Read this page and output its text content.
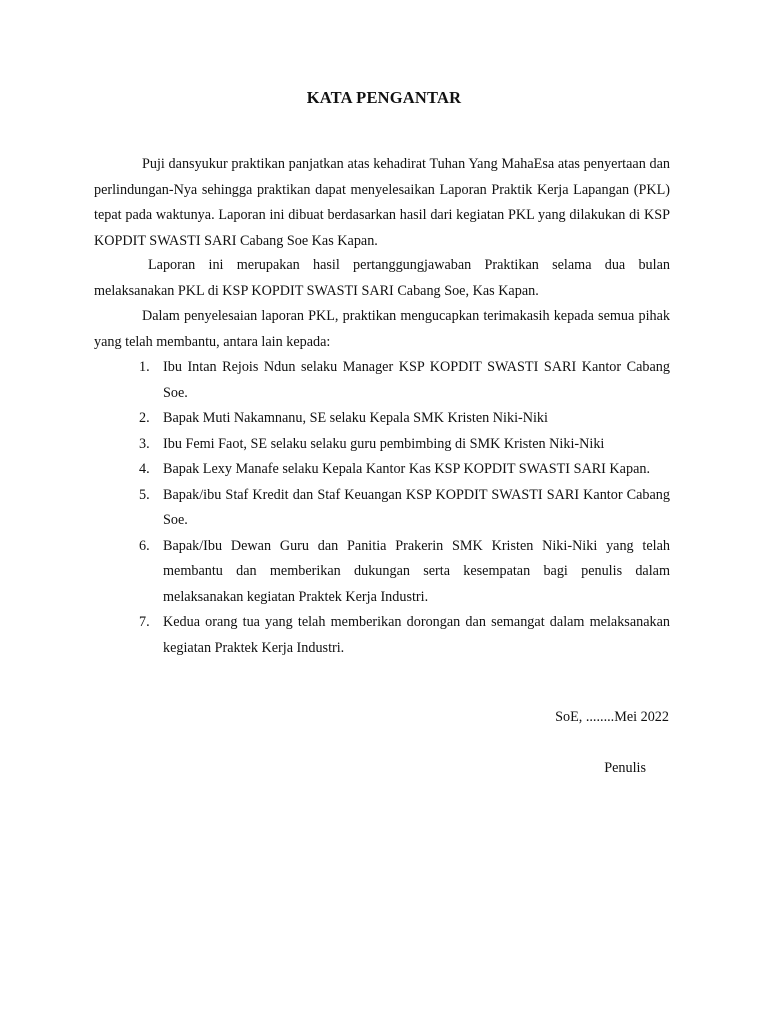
KATA PENGANTAR

Puji dansyukur praktikan panjatkan atas kehadirat Tuhan Yang MahaEsa atas penyertaan dan perlindungan-Nya sehingga praktikan dapat menyelesaikan Laporan Praktik Kerja Lapangan (PKL) tepat pada waktunya. Laporan ini dibuat berdasarkan hasil dari kegiatan PKL yang dilakukan di KSP KOPDIT SWASTI SARI Cabang Soe Kas Kapan.

Laporan ini merupakan hasil pertanggungjawaban Praktikan selama dua bulan melaksanakan PKL di KSP KOPDIT SWASTI SARI Cabang Soe, Kas Kapan.

Dalam penyelesaian laporan PKL, praktikan mengucapkan terimakasih kepada semua pihak yang telah membantu, antara lain kepada:

1. Ibu Intan Rejois Ndun selaku Manager KSP KOPDIT SWASTI SARI Kantor Cabang Soe.
2. Bapak Muti Nakamnanu, SE selaku Kepala SMK Kristen Niki-Niki
3. Ibu Femi Faot, SE selaku selaku guru pembimbing di SMK Kristen Niki-Niki
4. Bapak Lexy Manafe selaku Kepala Kantor Kas KSP KOPDIT SWASTI SARI Kapan.
5. Bapak/ibu Staf Kredit dan Staf Keuangan KSP KOPDIT SWASTI SARI Kantor Cabang Soe.
6. Bapak/Ibu Dewan Guru dan Panitia Prakerin SMK Kristen Niki-Niki yang telah membantu dan memberikan dukungan serta kesempatan bagi penulis dalam melaksanakan kegiatan Praktek Kerja Industri.
7. Kedua orang tua yang telah memberikan dorongan dan semangat dalam melaksanakan kegiatan Praktek Kerja Industri.
SoE, ........Mei 2022
Penulis
